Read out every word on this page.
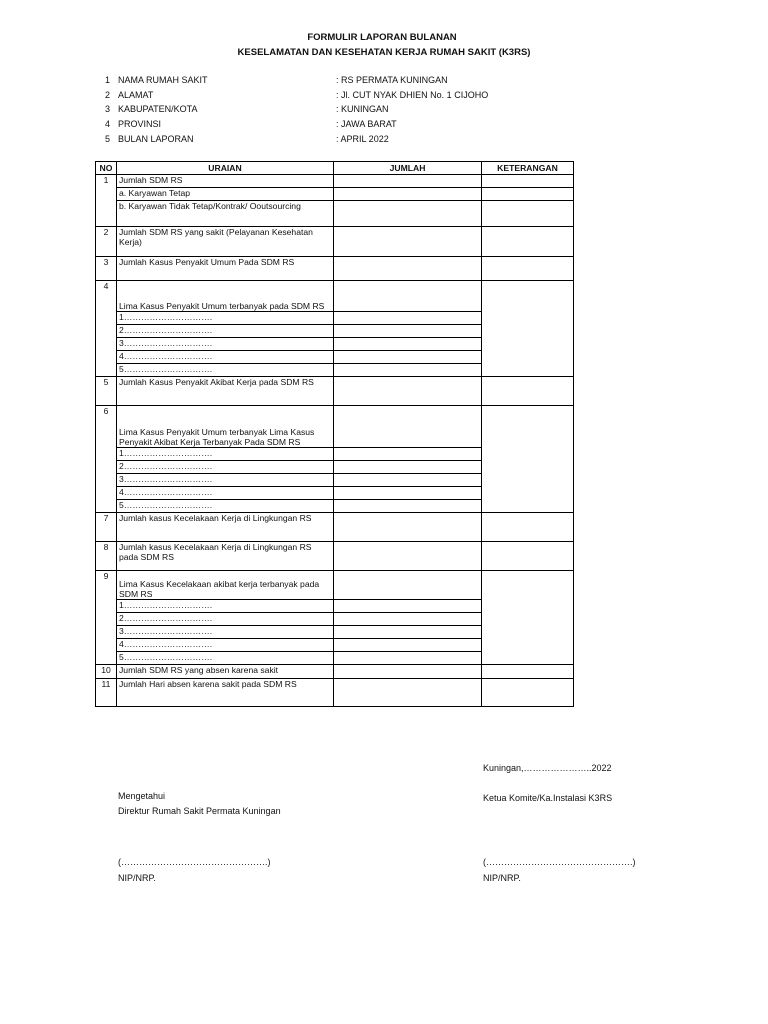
FORMULIR LAPORAN BULANAN
KESELAMATAN DAN KESEHATAN KERJA RUMAH SAKIT (K3RS)
1 NAMA RUMAH SAKIT	: RS PERMATA KUNINGAN
2 ALAMAT	: Jl. CUT NYAK DHIEN No. 1 CIJOHO
3 KABUPATEN/KOTA	: KUNINGAN
4 PROVINSI	: JAWA BARAT
5 BULAN LAPORAN	: APRIL 2022
NO	URAIAN	JUMLAH	KETERANGAN
1	Jumlah SDM RS		
	a. Karyawan Tetap		
	b. Karyawan Tidak Tetap/Kontrak/ Ooutsourcing		
2	Jumlah SDM RS yang sakit (Pelayanan Kesehatan Kerja)		
3	Jumlah Kasus Penyakit Umum Pada SDM RS		
4	Lima Kasus Penyakit Umum terbanyak pada SDM RS		
	1………………………….		
	2………………………….		
	3………………………….		
	4………………………….		
	5………………………….		
5	Jumlah Kasus Penyakit Akibat Kerja pada SDM RS		
6	Lima Kasus Penyakit Umum terbanyak Lima Kasus Penyakit Akibat Kerja Terbanyak Pada SDM RS		
	1………………………….		
	2………………………….		
	3………………………….		
	4………………………….		
	5………………………….		
7	Jumlah kasus Kecelakaan Kerja di Lingkungan RS		
8	Jumlah kasus Kecelakaan Kerja di Lingkungan RS pada SDM RS		
9	Lima Kasus Kecelakaan akibat kerja terbanyak pada SDM RS		
	1………………………….		
	2………………………….		
	3………………………….		
	4………………………….		
	5………………………….		
10	Jumlah SDM RS yang absen karena sakit		
11	Jumlah Hari absen karena sakit pada SDM RS		
Kuningan,…………………..2022
Mengetahui
Direktur Rumah Sakit Permata Kuningan
Ketua Komite/Ka.Instalasi K3RS
(………………………………………….)	(………………………………………….)
NIP/NRP.	NIP/NRP.
